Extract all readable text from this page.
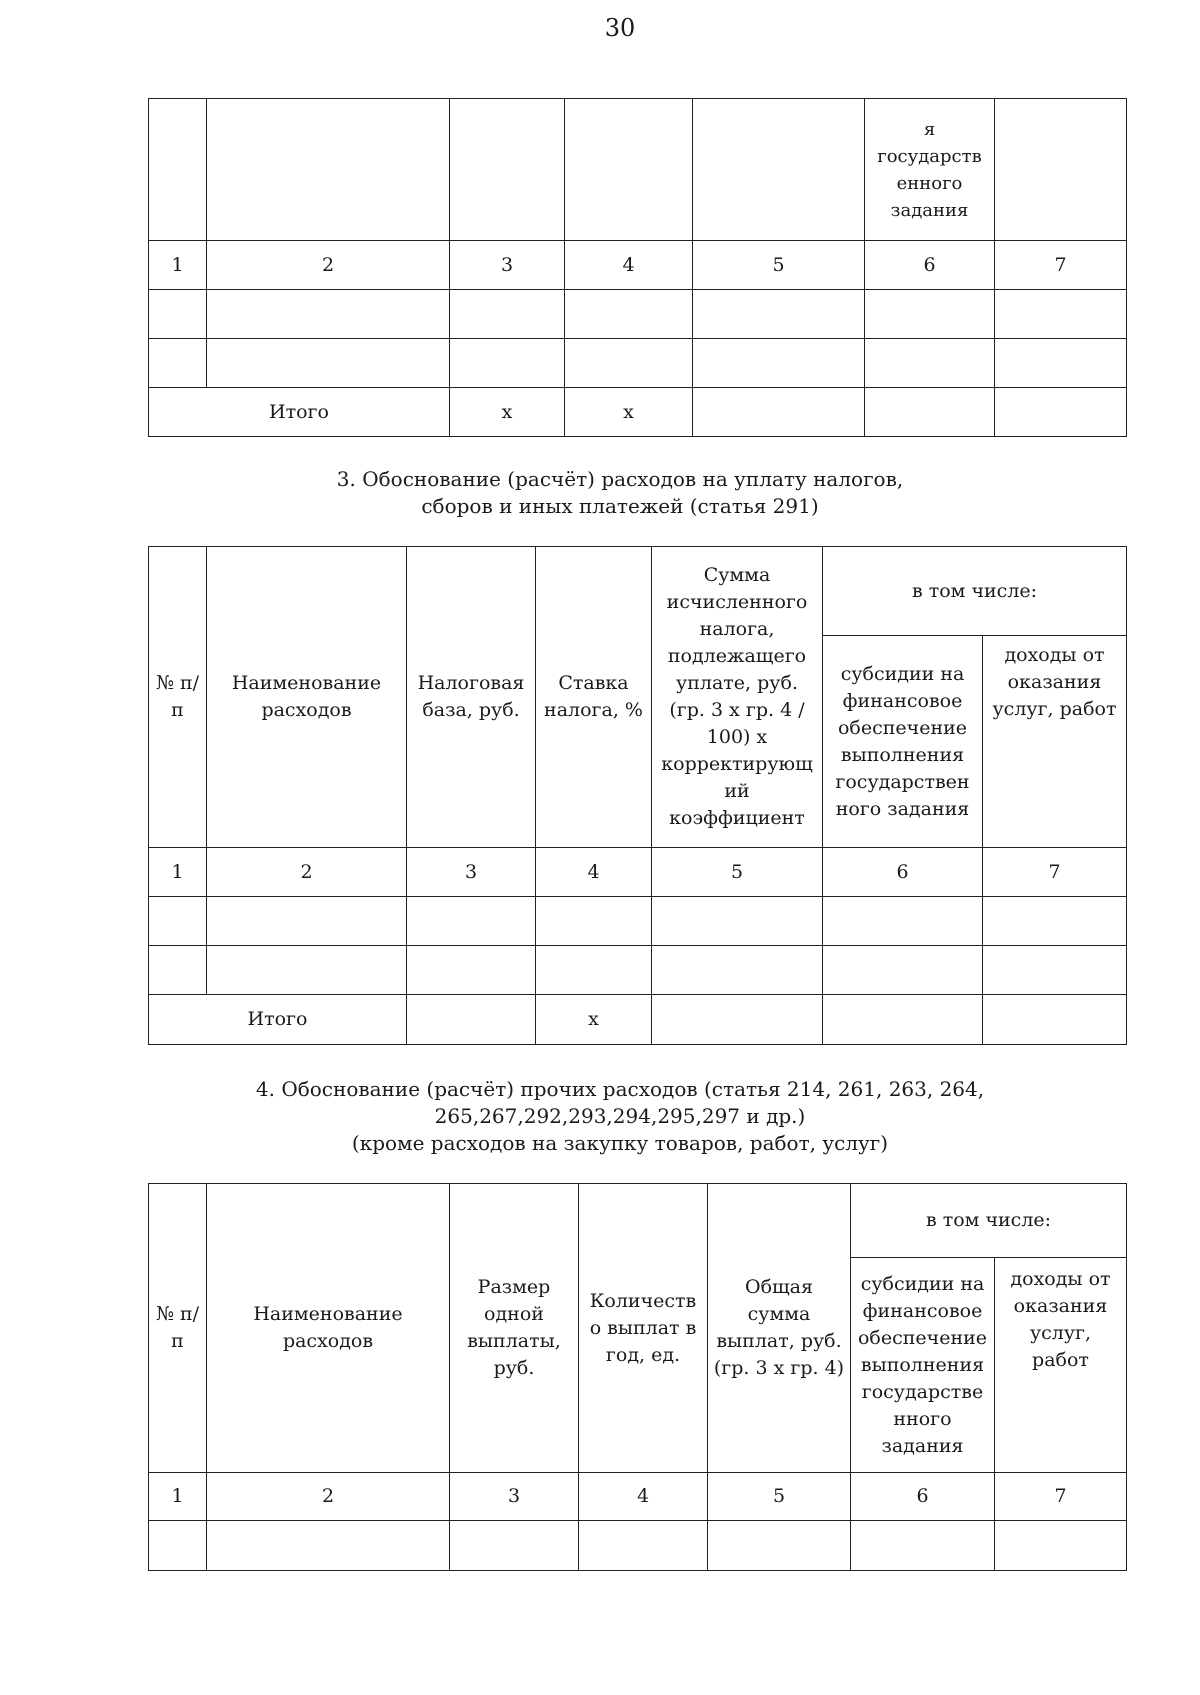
30
					я государств енного задания	
1	2	3	4	5	6	7

Итого		х	х			
3. Обоснование (расчёт) расходов на уплату налогов,
сборов и иных платежей (статья 291)
№ п/п	Наименование расходов	Налоговая база, руб.	Ставка налога, %	Сумма исчисленного налога, подлежащего уплате, руб. (гр. 3 х гр. 4 / 100) х корректирующ ий коэффициент	в том числе:	
					субсидии на финансовое обеспечение выполнения государствен ного задания	доходы от оказания услуг, работ
1	2	3	4	5	6	7

Итого			х			
4. Обоснование (расчёт) прочих расходов (статья 214, 261, 263, 264,
265,267,292,293,294,295,297 и др.)
(кроме расходов на закупку товаров, работ, услуг)
№ п/п	Наименование расходов	Размер одной выплаты, руб.	Количеств о выплат в год, ед.	Общая сумма выплат, руб. (гр. 3 х гр. 4)	в том числе:	
					субсидии на финансовое обеспечение выполнения государстве нного задания	доходы от оказания услуг, работ
1	2	3	4	5	6	7
